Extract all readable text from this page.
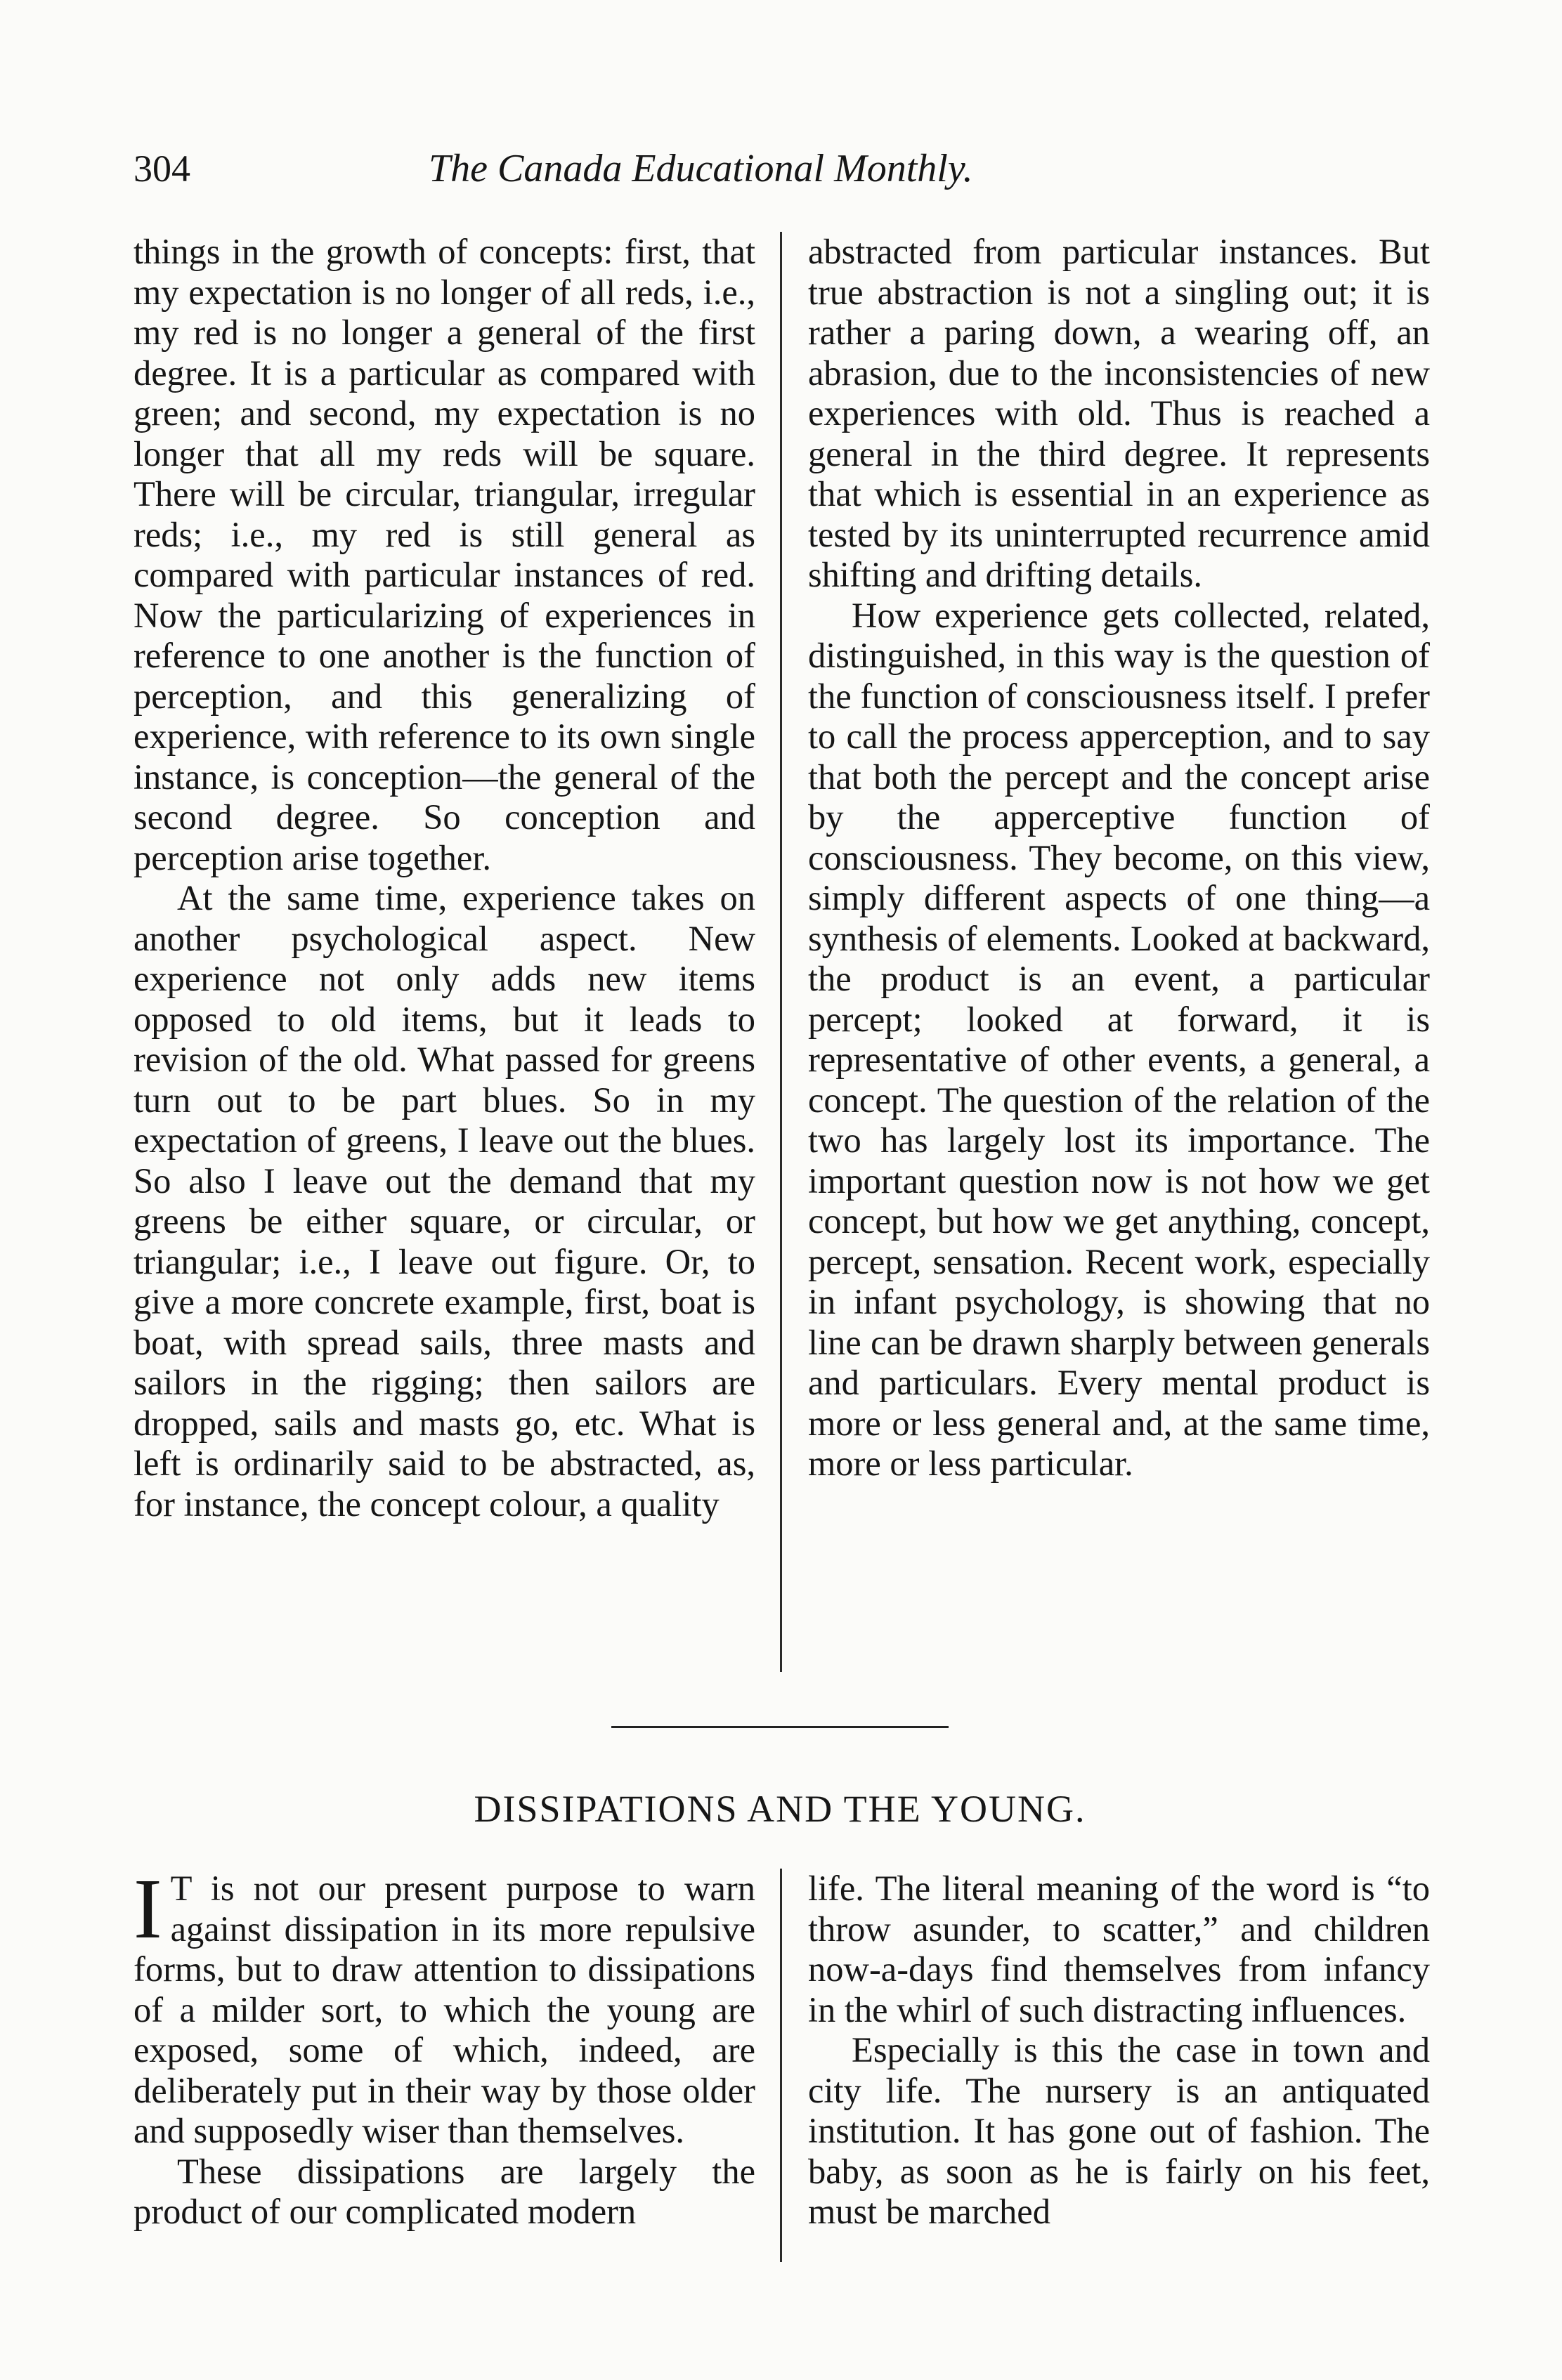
304	The Canada Educational Monthly.

things in the growth of concepts: first, that my expectation is no longer of all reds, i.e., my red is no longer a general of the first degree. It is a particular as compared with green; and second, my expectation is no longer that all my reds will be square. There will be circular, triangular, irregular reds; i.e., my red is still general as compared with particular instances of red. Now the particularizing of experiences in reference to one another is the function of perception, and this generalizing of experience, with reference to its own single instance, is conception—the general of the second degree. So conception and perception arise together.

At the same time, experience takes on another psychological aspect. New experience not only adds new items opposed to old items, but it leads to revision of the old. What passed for greens turn out to be part blues. So in my expectation of greens, I leave out the blues. So also I leave out the demand that my greens be either square, or circular, or triangular; i.e., I leave out figure. Or, to give a more concrete example, first, boat is boat, with spread sails, three masts and sailors in the rigging; then sailors are dropped, sails and masts go, etc. What is left is ordinarily said to be abstracted, as, for instance, the concept colour, a quality

abstracted from particular instances. But true abstraction is not a singling out; it is rather a paring down, a wearing off, an abrasion, due to the inconsistencies of new experiences with old. Thus is reached a general in the third degree. It represents that which is essential in an experience as tested by its uninterrupted recurrence amid shifting and drifting details.

How experience gets collected, related, distinguished, in this way is the question of the function of consciousness itself. I prefer to call the process apperception, and to say that both the percept and the concept arise by the apperceptive function of consciousness. They become, on this view, simply different aspects of one thing—a synthesis of elements. Looked at backward, the product is an event, a particular percept; looked at forward, it is representative of other events, a general, a concept. The question of the relation of the two has largely lost its importance. The important question now is not how we get concept, but how we get anything, concept, percept, sensation. Recent work, especially in infant psychology, is showing that no line can be drawn sharply between generals and particulars. Every mental product is more or less general and, at the same time, more or less particular.

DISSIPATIONS AND THE YOUNG.

I T is not our present purpose to warn against dissipation in its more repulsive forms, but to draw attention to dissipations of a milder sort, to which the young are exposed, some of which, indeed, are deliberately put in their way by those older and supposedly wiser than themselves.

These dissipations are largely the product of our complicated modern

life. The literal meaning of the word is “to throw asunder, to scatter,” and children now-a-days find themselves from infancy in the whirl of such distracting influences.

Especially is this the case in town and city life. The nursery is an antiquated institution. It has gone out of fashion. The baby, as soon as he is fairly on his feet, must be marched
